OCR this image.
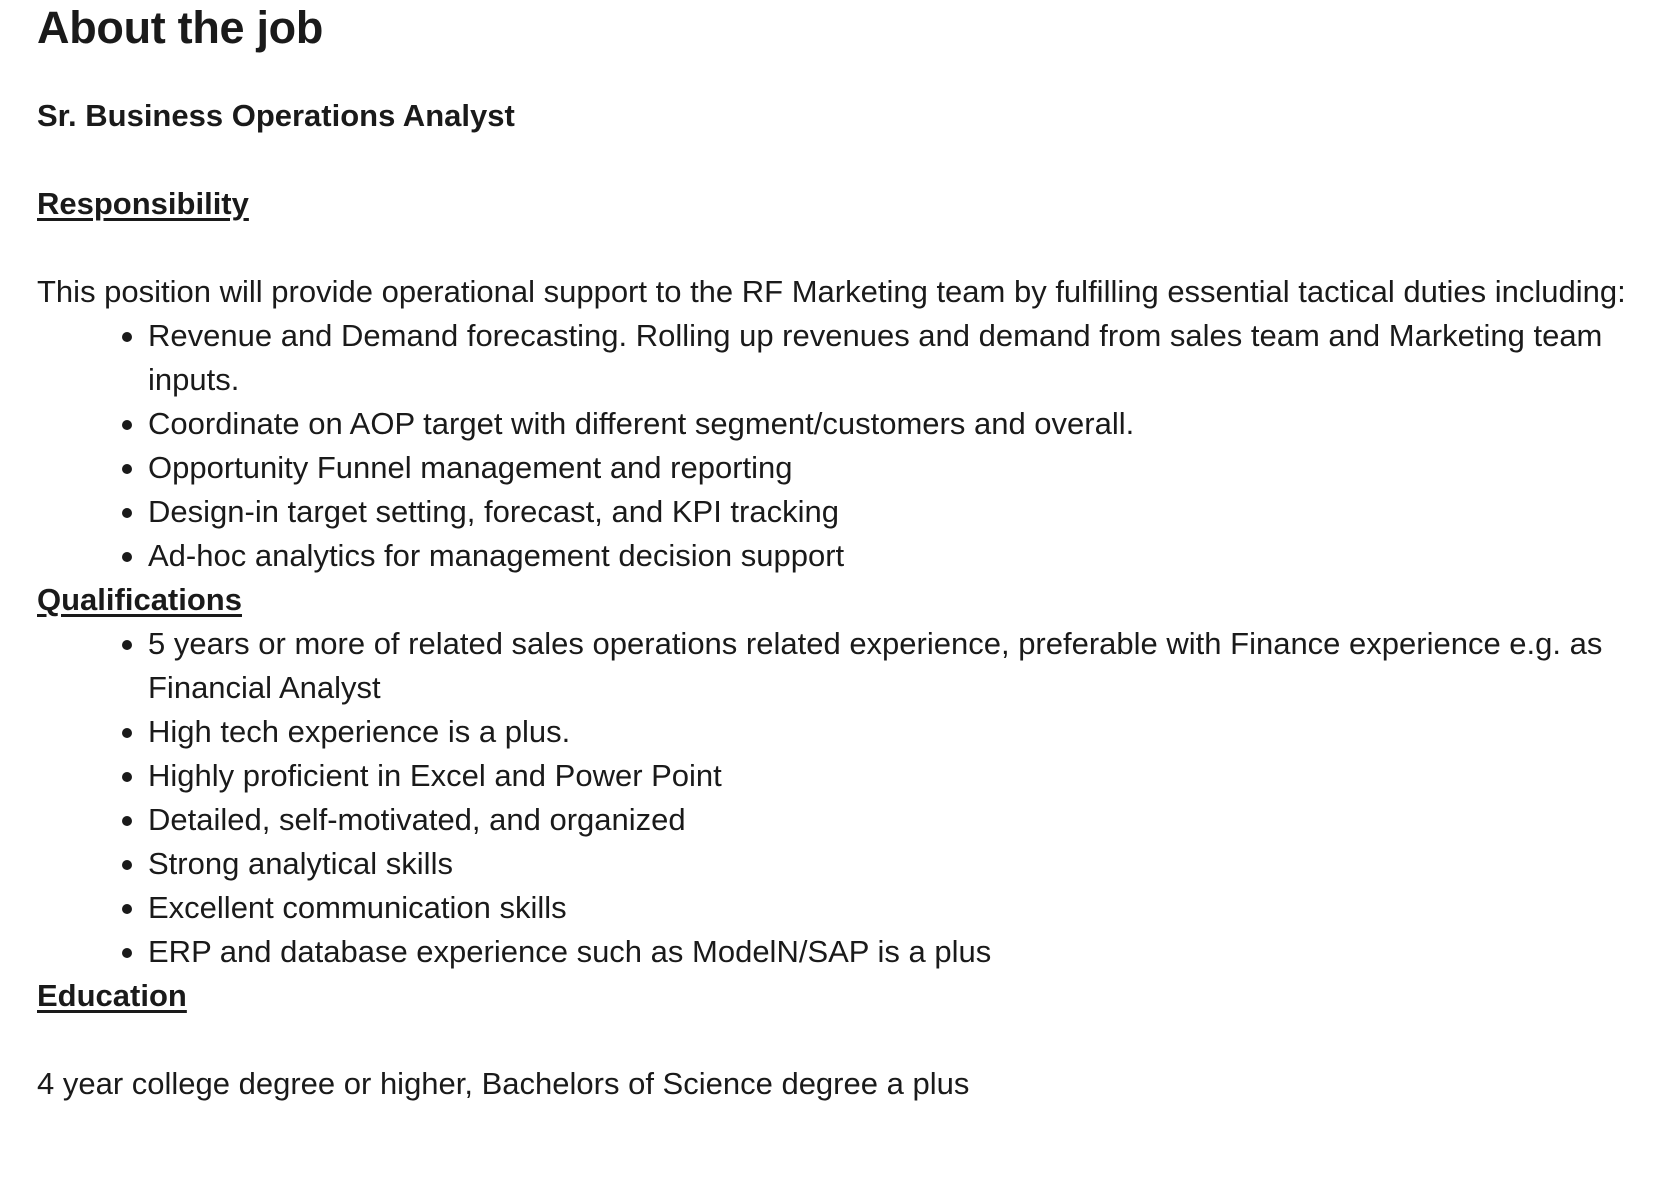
About the job

Sr. Business Operations Analyst

Responsibility

This position will provide operational support to the RF Marketing team by fulfilling essential tactical duties including:

Revenue and Demand forecasting. Rolling up revenues and demand from sales team and Marketing team inputs.
Coordinate on AOP target with different segment/customers and overall.
Opportunity Funnel management and reporting
Design-in target setting, forecast, and KPI tracking
Ad-hoc analytics for management decision support

Qualifications

5 years or more of related sales operations related experience, preferable with Finance experience e.g. as Financial Analyst
High tech experience is a plus.
Highly proficient in Excel and Power Point
Detailed, self-motivated, and organized
Strong analytical skills
Excellent communication skills
ERP and database experience such as ModelN/SAP is a plus

Education

4 year college degree or higher, Bachelors of Science degree a plus
